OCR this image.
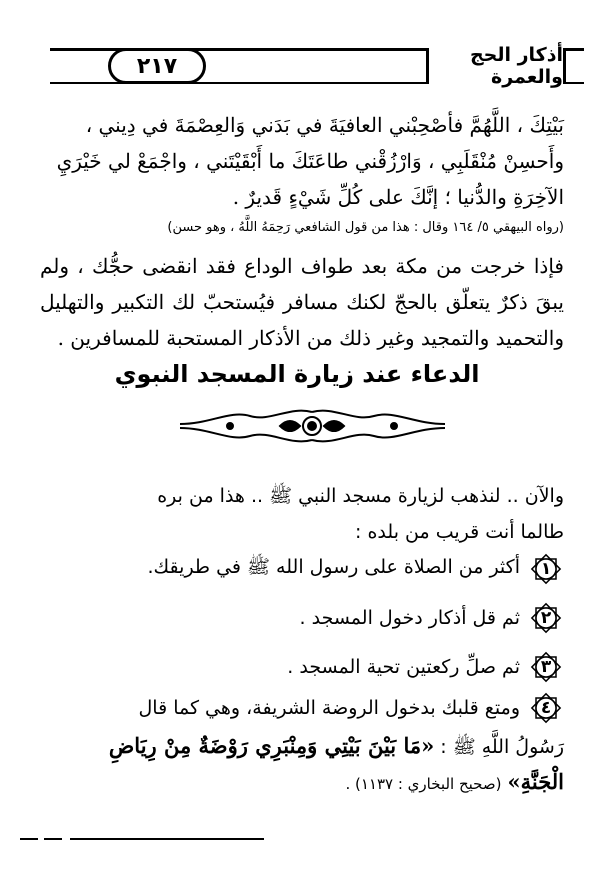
٢١٧	أذكار الحج والعمرة
بَيْتِكَ ، اللَّهُمَّ فأصْحِبْني العافيَةَ في بَدَني وَالعِصْمَةَ في دِيني ،
وأَحسِنْ مُنْقَلَبِي ، وَارْزُقْني طاعَتَكَ ما أَبْقَيْتَني ، واجْمَعْ لي خَيْرَيِ
الآخِرَةِ والدُّنيا ؛ إنَّكَ على كُلِّ شَيْءٍ قَديرٌ .
(رواه البيهقي ٥/ ١٦٤ وقال : هذا من قول الشافعي رَحِمَهُ اللَّهُ ، وهو حسن)
فإذا خرجت من مكة بعد طواف الوداع فقد انقضى حجُّك ، ولم يبقَ ذكرٌ يتعلّق بالحجّ لكنك مسافر فيُستحبّ لك التكبير والتهليل والتحميد والتمجيد وغير ذلك من الأذكار المستحبة للمسافرين .
الدعاء عند زيارة المسجد النبوي
والآن .. لنذهب لزيارة مسجد النبي ﷺ .. هذا من بره
طالما أنت قريب من بلده :
١
أكثر من الصلاة على رسول الله ﷺ في طريقك.
٢
ثم قل أذكار دخول المسجد .
٣
ثم صلِّ ركعتين تحية المسجد .
٤
ومتع قلبك بدخول الروضة الشريفة، وهي كما قال
رَسُولُ اللَّهِ ﷺ : «مَا بَيْنَ بَيْتِي وَمِنْبَرِي رَوْضَةٌ مِنْ رِيَاضِ
الْجَنَّةِ» (صحيح البخاري : ١١٣٧) .
